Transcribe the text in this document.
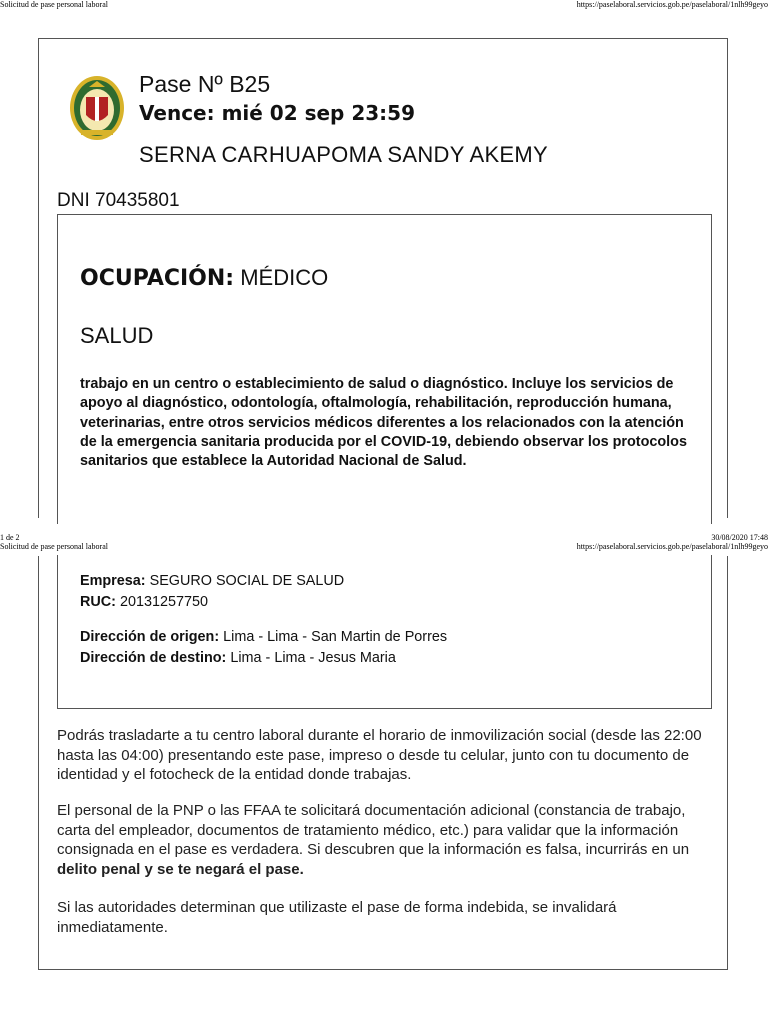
Solicitud de pase personal laboral	https://paselaboral.servicios.gob.pe/paselaboral/1nlh99geyo
Pase Nº B25
Vence: mié 02 sep 23:59
SERNA CARHUAPOMA SANDY AKEMY
DNI 70435801
OCUPACIÓN: MÉDICO
SALUD
trabajo en un centro o establecimiento de salud o diagnóstico. Incluye los servicios de apoyo al diagnóstico, odontología, oftalmología, rehabilitación, reproducción humana, veterinarias, entre otros servicios médicos diferentes a los relacionados con la atención de la emergencia sanitaria producida por el COVID-19, debiendo observar los protocolos sanitarios que establece la Autoridad Nacional de Salud.
1 de 2	30/08/2020 17:48
Solicitud de pase personal laboral	https://paselaboral.servicios.gob.pe/paselaboral/1nlh99geyo
Empresa: SEGURO SOCIAL DE SALUD
RUC: 20131257750
Dirección de origen: Lima - Lima - San Martin de Porres
Dirección de destino: Lima - Lima - Jesus Maria
Podrás trasladarte a tu centro laboral durante el horario de inmovilización social (desde las 22:00 hasta las 04:00) presentando este pase, impreso o desde tu celular, junto con tu documento de identidad y el fotocheck de la entidad donde trabajas.
El personal de la PNP o las FFAA te solicitará documentación adicional (constancia de trabajo, carta del empleador, documentos de tratamiento médico, etc.) para validar que la información consignada en el pase es verdadera. Si descubren que la información es falsa, incurrirás en un delito penal y se te negará el pase.
Si las autoridades determinan que utilizaste el pase de forma indebida, se invalidará inmediatamente.
